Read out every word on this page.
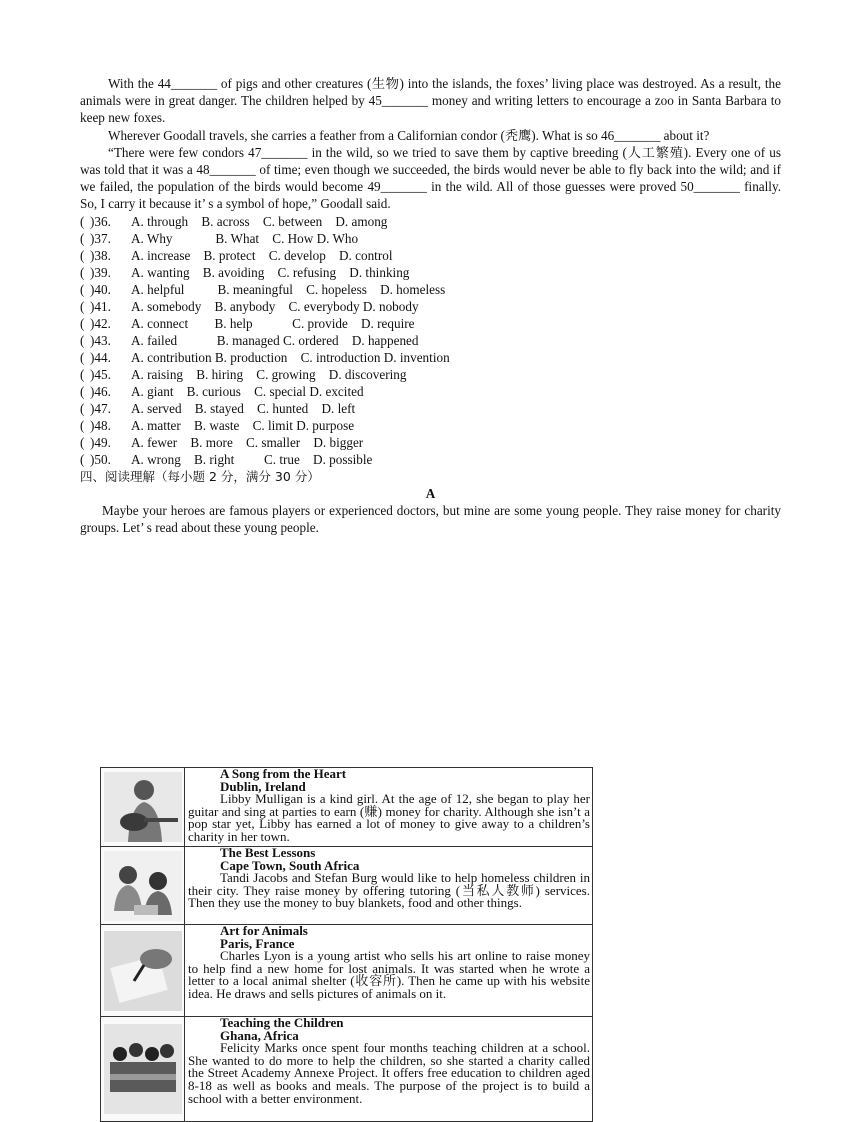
With the 44_______ of pigs and other creatures (生物) into the islands, the foxes’ living place was destroyed. As a result, the animals were in great danger. The children helped by 45_______ money and writing letters to encourage a zoo in Santa Barbara to keep new foxes.

Wherever Goodall travels, she carries a feather from a Californian condor (秃鹰). What is so 46_______ about it?

“There were few condors 47_______ in the wild, so we tried to save them by captive breeding (人工繁殖). Every one of us was told that it was a 48_______ of time; even though we succeeded, the birds would never be able to fly back into the wild; and if we failed, the population of the birds would become 49_______ in the wild. All of those guesses were proved 50_______ finally. So, I carry it because it’ s a symbol of hope,” Goodall said.

( )36.	A. through    B. across    C. between    D. among
( )37.	A. Why             B. What    C. How D. Who
( )38.	A. increase    B. protect    C. develop    D. control
( )39.	A. wanting    B. avoiding    C. refusing    D. thinking
( )40.	A. helpful          B. meaningful    C. hopeless    D. homeless
( )41.	A. somebody    B. anybody    C. everybody D. nobody
( )42.	A. connect        B. help            C. provide    D. require
( )43.	A. failed            B. managed C. ordered    D. happened
( )44.	A. contribution B. production    C. introduction D. invention
( )45.	A. raising    B. hiring    C. growing    D. discovering
( )46.	A. giant    B. curious    C. special D. excited
( )47.	A. served    B. stayed    C. hunted    D. left
( )48.	A. matter    B. waste    C. limit D. purpose
( )49.	A. fewer    B. more    C. smaller    D. bigger
( )50.	A. wrong    B. right         C. true    D. possible

四、阅读理解（每小题 2 分，满分 30 分）

A

Maybe your heroes are famous players or experienced doctors, but mine are some young people. They raise money for charity groups. Let’ s read about these young people.

A Song from the Heart
Dublin, Ireland
Libby Mulligan is a kind girl. At the age of 12, she began to play her guitar and sing at parties to earn (赚) money for charity. Although she isn’t a pop star yet, Libby has earned a lot of money to give away to a children’s charity in her town.
The Best Lessons
Cape Town, South Africa
Tandi Jacobs and Stefan Burg would like to help homeless children in their city. They raise money by offering tutoring (当私人教师) services. Then they use the money to buy blankets, food and other things.
Art for Animals
Paris, France
Charles Lyon is a young artist who sells his art online to raise money to help find a new home for lost animals. It was started when he wrote a letter to a local animal shelter (收容所). Then he came up with his website idea. He draws and sells pictures of animals on it.
Teaching the Children
Ghana, Africa
Felicity Marks once spent four months teaching children at a school. She wanted to do more to help the children, so she started a charity called the Street Academy Annexe Project. It offers free education to children aged 8-18 as well as books and meals. The purpose of the project is to build a school with a better environment.
